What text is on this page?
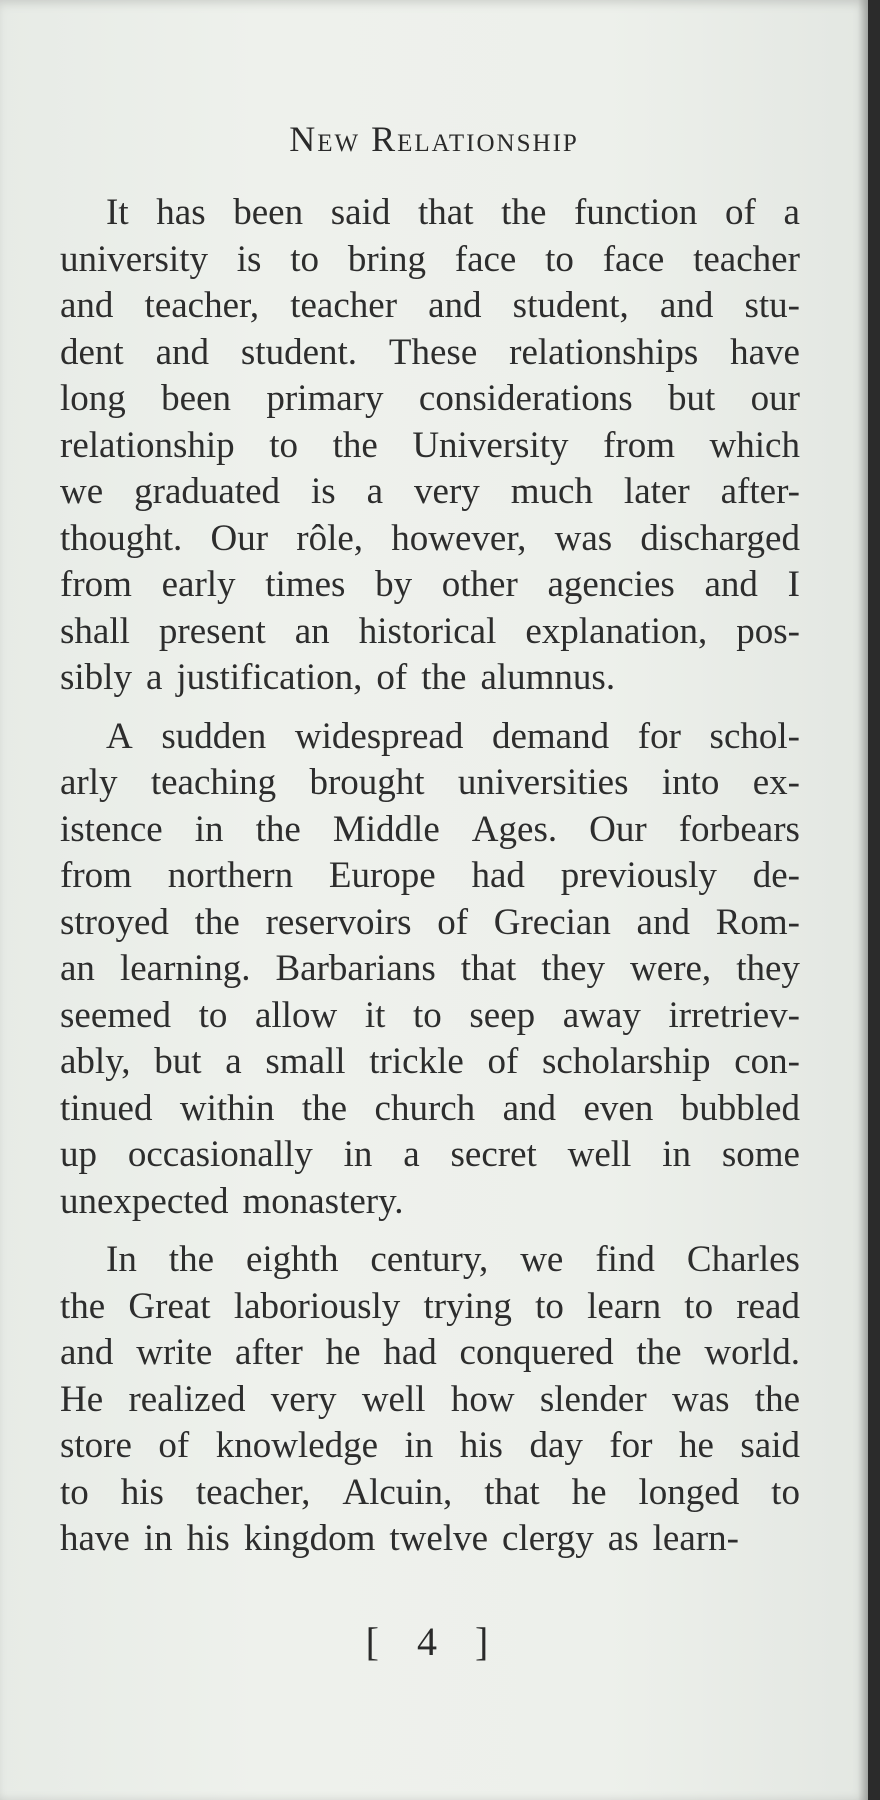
New Relationship
It has been said that the function of a
university is to bring face to face teacher
and teacher, teacher and student, and stu-
dent and student. These relationships have
long been primary considerations but our
relationship to the University from which
we graduated is a very much later after-
thought. Our rôle, however, was discharged
from early times by other agencies and I
shall present an historical explanation, pos-
sibly a justification, of the alumnus.
A sudden widespread demand for schol-
arly teaching brought universities into ex-
istence in the Middle Ages. Our forbears
from northern Europe had previously de-
stroyed the reservoirs of Grecian and Rom-
an learning. Barbarians that they were, they
seemed to allow it to seep away irretriev-
ably, but a small trickle of scholarship con-
tinued within the church and even bubbled
up occasionally in a secret well in some
unexpected monastery.
In the eighth century, we find Charles
the Great laboriously trying to learn to read
and write after he had conquered the world.
He realized very well how slender was the
store of knowledge in his day for he said
to his teacher, Alcuin, that he longed to
have in his kingdom twelve clergy as learn-
[ 4 ]
